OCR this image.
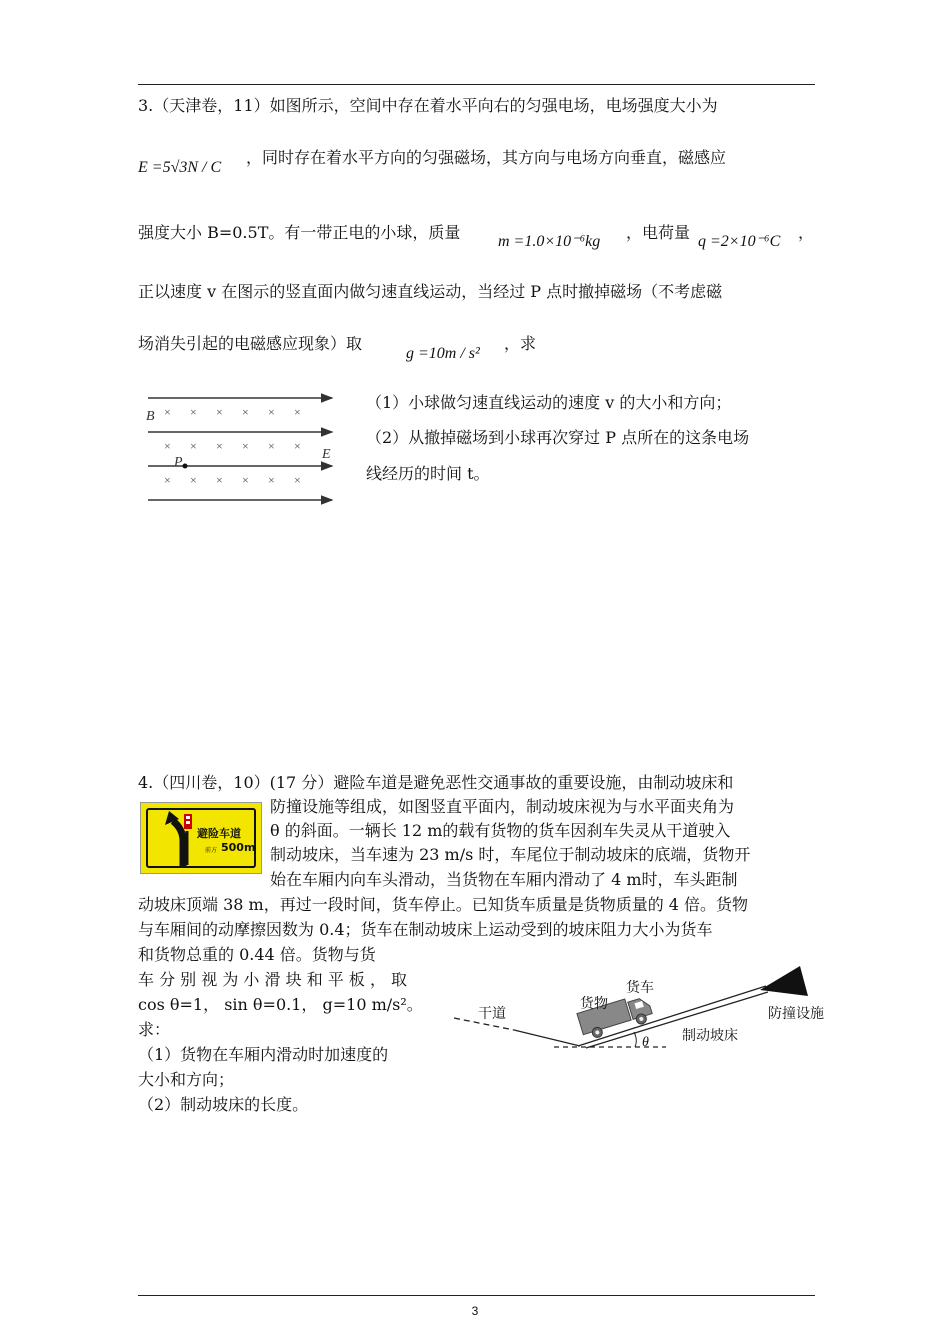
3.（天津卷，11）如图所示，空间中存在着水平向右的匀强电场，电场强度大小为
E =5√3N / C
，同时存在着水平方向的匀强磁场，其方向与电场方向垂直，磁感应
强度大小 B=0.5T。有一带正电的小球，质量 m =1.0×10⁻⁶kg ，电荷量 q =2×10⁻⁶C ，
正以速度 v 在图示的竖直面内做匀速直线运动，当经过 P 点时撤掉磁场（不考虑磁
场消失引起的电磁感应现象）取
g =10m / s²
，求
B
E
P
× × × × × ×
× × × × × ×
× × × × × ×
（1）小球做匀速直线运动的速度 v 的大小和方向；
（2）从撤掉磁场到小球再次穿过 P 点所在的这条电场
线经历的时间 t。
4.（四川卷，10）(17 分）避险车道是避免恶性交通事故的重要设施，由制动坡床和
避险车道
前方 500m
防撞设施等组成，如图竖直平面内，制动坡床视为与水平面夹角为
θ 的斜面。一辆长 12 m的载有货物的货车因刹车失灵从干道驶入
制动坡床，当车速为 23 m/s 时，车尾位于制动坡床的底端，货物开
始在车厢内向车头滑动，当货物在车厢内滑动了 4 m时，车头距制
动坡床顶端 38 m，再过一段时间，货车停止。已知货车质量是货物质量的 4 倍。货物
与车厢间的动摩擦因数为 0.4；货车在制动坡床上运动受到的坡床阻力大小为货车
和货物总重的 0.44 倍。货物与货
车 分 别 视 为 小 滑 块 和 平 板 ， 取
cos θ=1， sin θ=0.1， g=10 m/s²。
求：
（1）货物在车厢内滑动时加速度的
大小和方向；
（2）制动坡床的长度。
干道
货物
货车
制动坡床
防撞设施
θ
3
